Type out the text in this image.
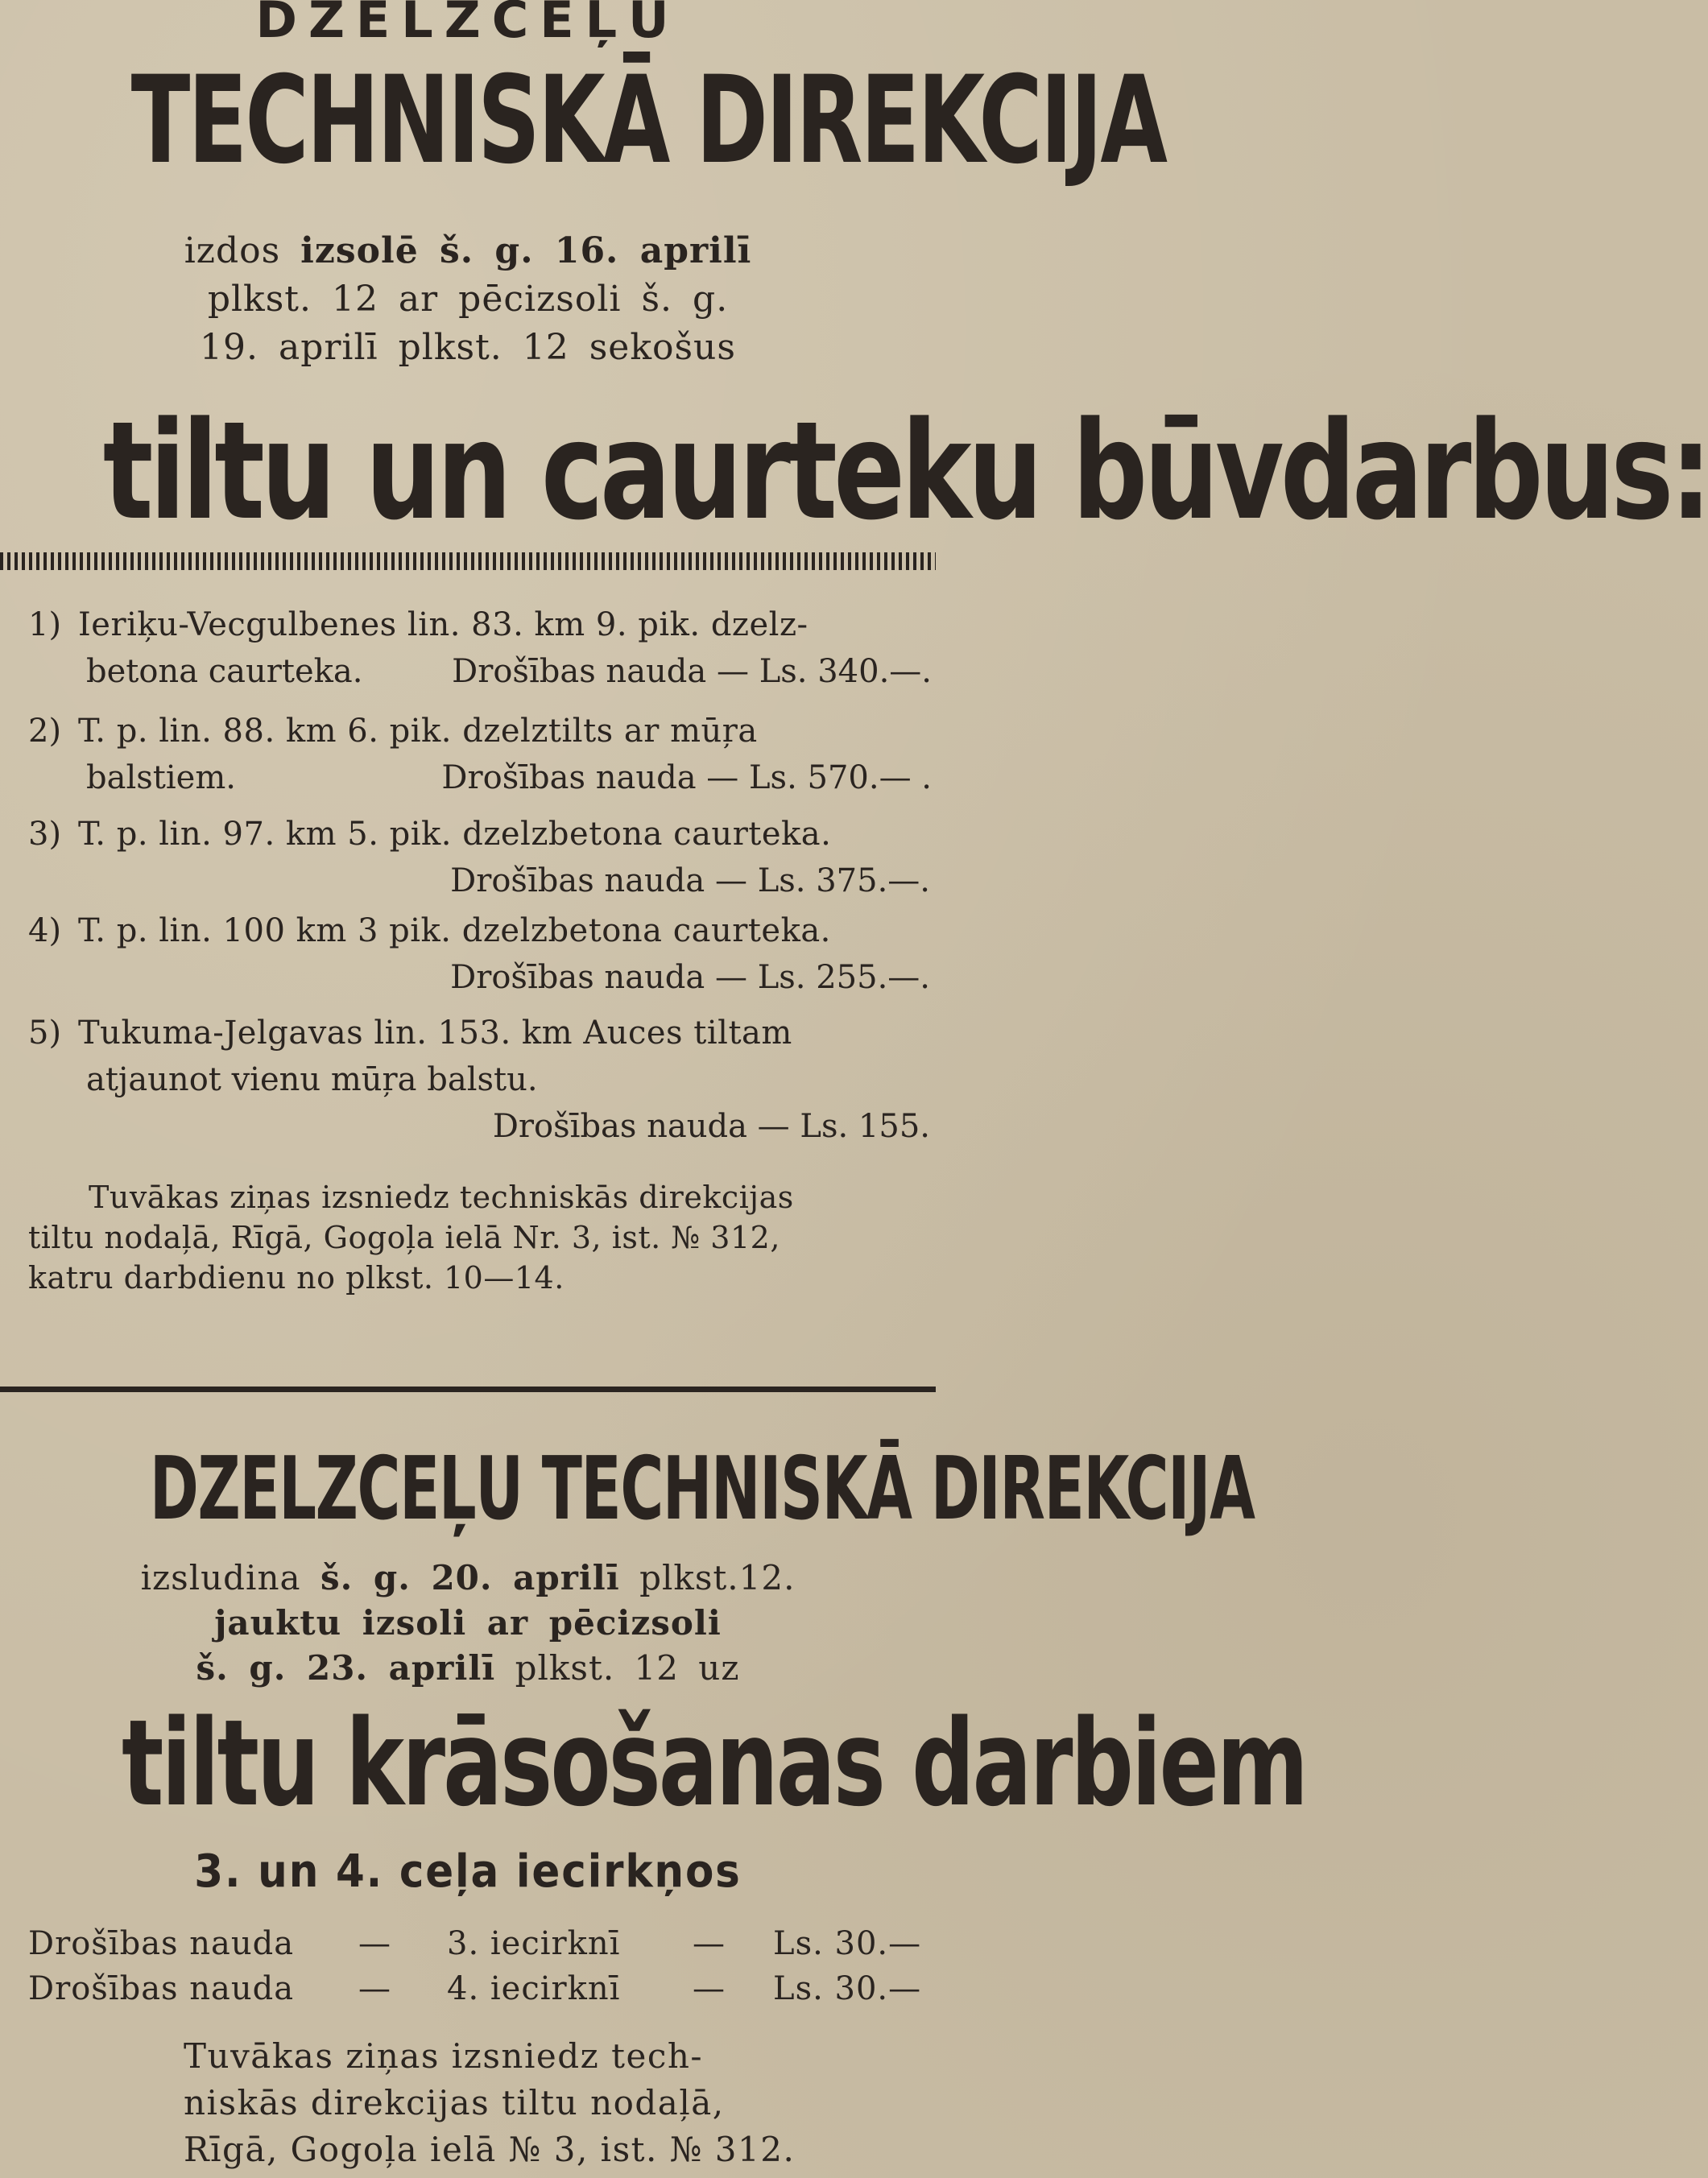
DZELZCEĻU
TECHNISKĀ DIREKCIJA
izdos izsolē š. g. 16. aprilī
plkst. 12 ar pēcizsoli š. g.
19. aprilī plkst. 12 sekošus
tiltu un caurteku būvdarbus:
1) Ieriķu-Vecgulbenes lin. 83. km 9. pik. dzelz-
betona caurteka.	Drošības nauda — Ls. 340.—.
2) T. p. lin. 88. km 6. pik. dzelztilts ar mūŗa
balstiem.	Drošības nauda — Ls. 570.— .
3) T. p. lin. 97. km 5. pik. dzelzbetona caurteka.
Drošības nauda — Ls. 375.—.
4) T. p. lin. 100 km 3 pik. dzelzbetona caurteka.
Drošības nauda — Ls. 255.—.
5) Tukuma-Jelgavas lin. 153. km Auces tiltam
atjaunot vienu mūŗa balstu.
Drošības nauda — Ls. 155.
Tuvākas ziņas izsniedz techniskās direkcijas
tiltu nodaļā, Rīgā, Gogoļa ielā Nr. 3, ist. № 312,
katru darbdienu no plkst. 10—14.
DZELZCEĻU TECHNISKĀ DIREKCIJA
izsludina š. g. 20. aprilī plkst.12.
jauktu izsoli ar pēcizsoli
š. g. 23. aprilī plkst. 12 uz
tiltu krāsošanas darbiem
3. un 4. ceļa iecirkņos
Drošības nauda — 3. iecirknī — Ls. 30.—
Drošības nauda — 4. iecirknī — Ls. 30.—
Tuvākas ziņas izsniedz tech-
niskās direkcijas tiltu nodaļā,
Rīgā, Gogoļa ielā № 3, ist. № 312.
